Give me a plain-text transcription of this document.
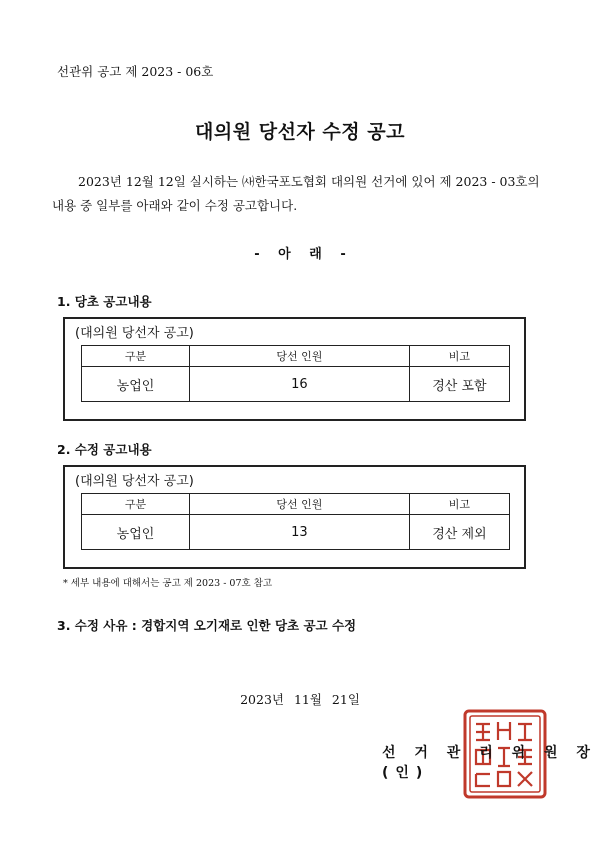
선관위 공고 제 2023 - 06호
대의원 당선자 수정 공고
2023년 12월 12일 실시하는 ㈔한국포도협회 대의원 선거에 있어 제 2023 - 03호의
내용 중 일부를 아래와 같이 수정 공고합니다.
- 아 래 -
1. 당초 공고내용
(대의원 당선자 공고)
구분	당선 인원	비고
농업인	16	경산 포함
2. 수정 공고내용
(대의원 당선자 공고)
구분	당선 인원	비고
농업인	13	경산 제외
* 세부 내용에 대해서는 공고 제 2023 - 07호 참고
3. 수정 사유 : 경합지역 오기재로 인한 당초 공고 수정
2023년 11월 21일
선 거 관 리 위 원 장(인)
